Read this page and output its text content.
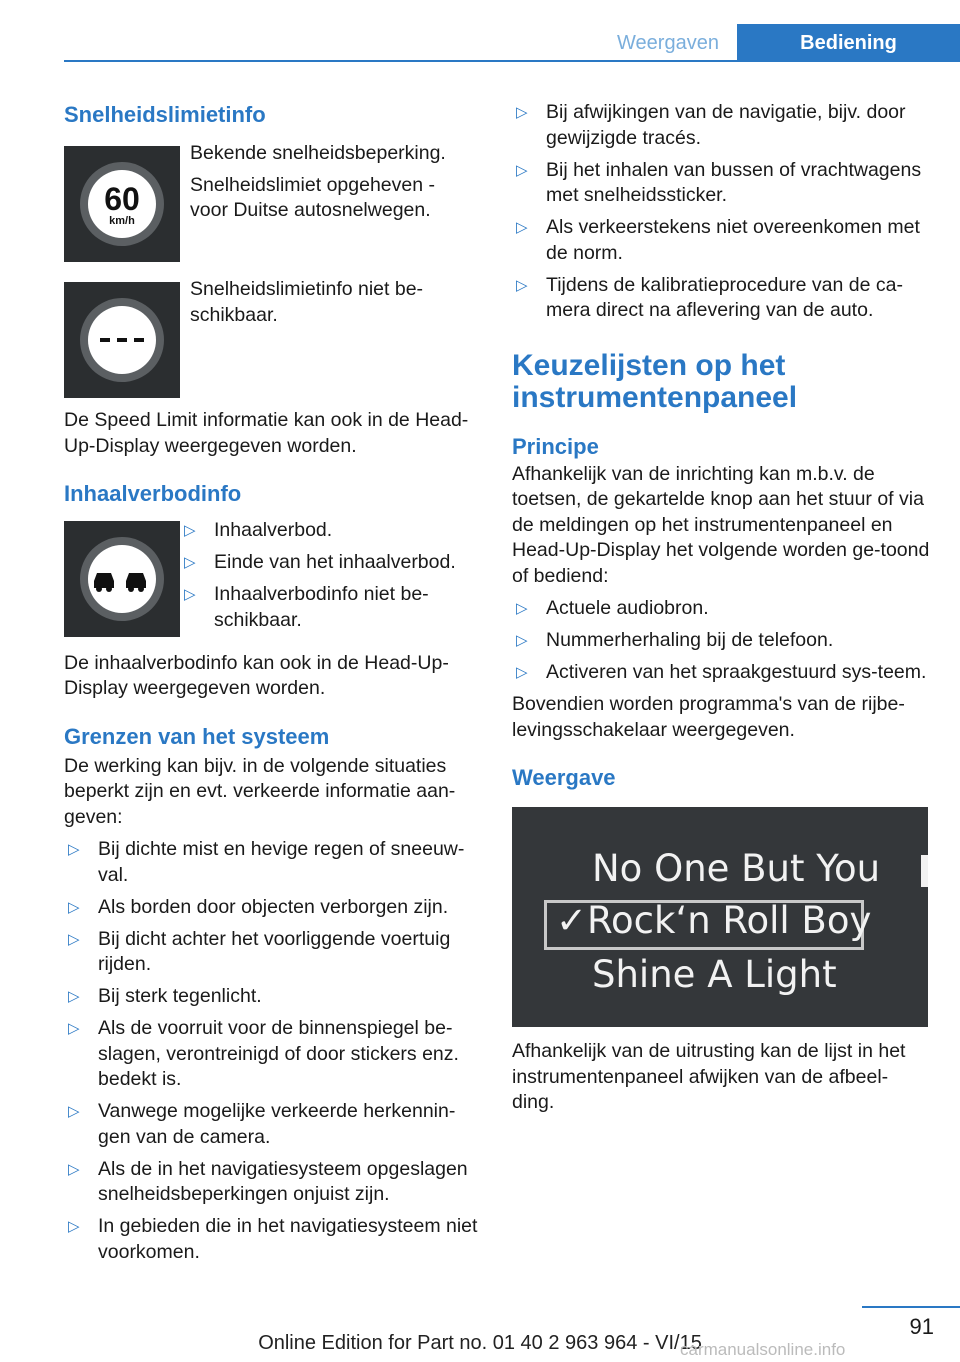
Weergaven	Bediening
Snelheidslimietinfo
60
km/h

Bekende snelheidsbeperking.

Snelheidslimiet opgeheven - voor Duitse autosnelwegen.

Snelheidslimietinfo niet be-schikbaar.

De Speed Limit informatie kan ook in de Head-Up-Display weergegeven worden.

Inhaalverbodinfo
▷ Inhaalverbod.
▷ Einde van het inhaalverbod.
▷ Inhaalverbodinfo niet be-schikbaar.

De inhaalverbodinfo kan ook in de Head-Up-Display weergegeven worden.

Grenzen van het systeem

De werking kan bijv. in de volgende situaties beperkt zijn en evt. verkeerde informatie aan-geven:

▷ Bij dichte mist en hevige regen of sneeuw-val.
▷ Als borden door objecten verborgen zijn.
▷ Bij dicht achter het voorliggende voertuig rijden.
▷ Bij sterk tegenlicht.
▷ Als de voorruit voor de binnenspiegel be-slagen, verontreinigd of door stickers enz. bedekt is.
▷ Vanwege mogelijke verkeerde herkennin-gen van de camera.
▷ Als de in het navigatiesysteem opgeslagen snelheidsbeperkingen onjuist zijn.
▷ In gebieden die in het navigatiesysteem niet voorkomen.
▷ Bij afwijkingen van de navigatie, bijv. door gewijzigde tracés.
▷ Bij het inhalen van bussen of vrachtwagens met snelheidssticker.
▷ Als verkeerstekens niet overeenkomen met de norm.
▷ Tijdens de kalibratieprocedure van de ca-mera direct na aflevering van de auto.
Keuzelijsten op het instrumentenpaneel
Principe

Afhankelijk van de inrichting kan m.b.v. de toetsen, de gekartelde knop aan het stuur of via de meldingen op het instrumentenpaneel en Head-Up-Display het volgende worden ge-toond of bediend:

▷ Actuele audiobron.
▷ Nummerherhaling bij de telefoon.
▷ Activeren van het spraakgestuurd sys-teem.

Bovendien worden programma's van de rijbe-levingsschakelaar weergegeven.

Weergave
No One But You
✓Rock‘n Roll Boy
Shine A Light

Afhankelijk van de uitrusting kan de lijst in het instrumentenpaneel afwijken van de afbeel-ding.

91
Online Edition for Part no. 01 40 2 963 964 - VI/15
carmanualsonline.info
